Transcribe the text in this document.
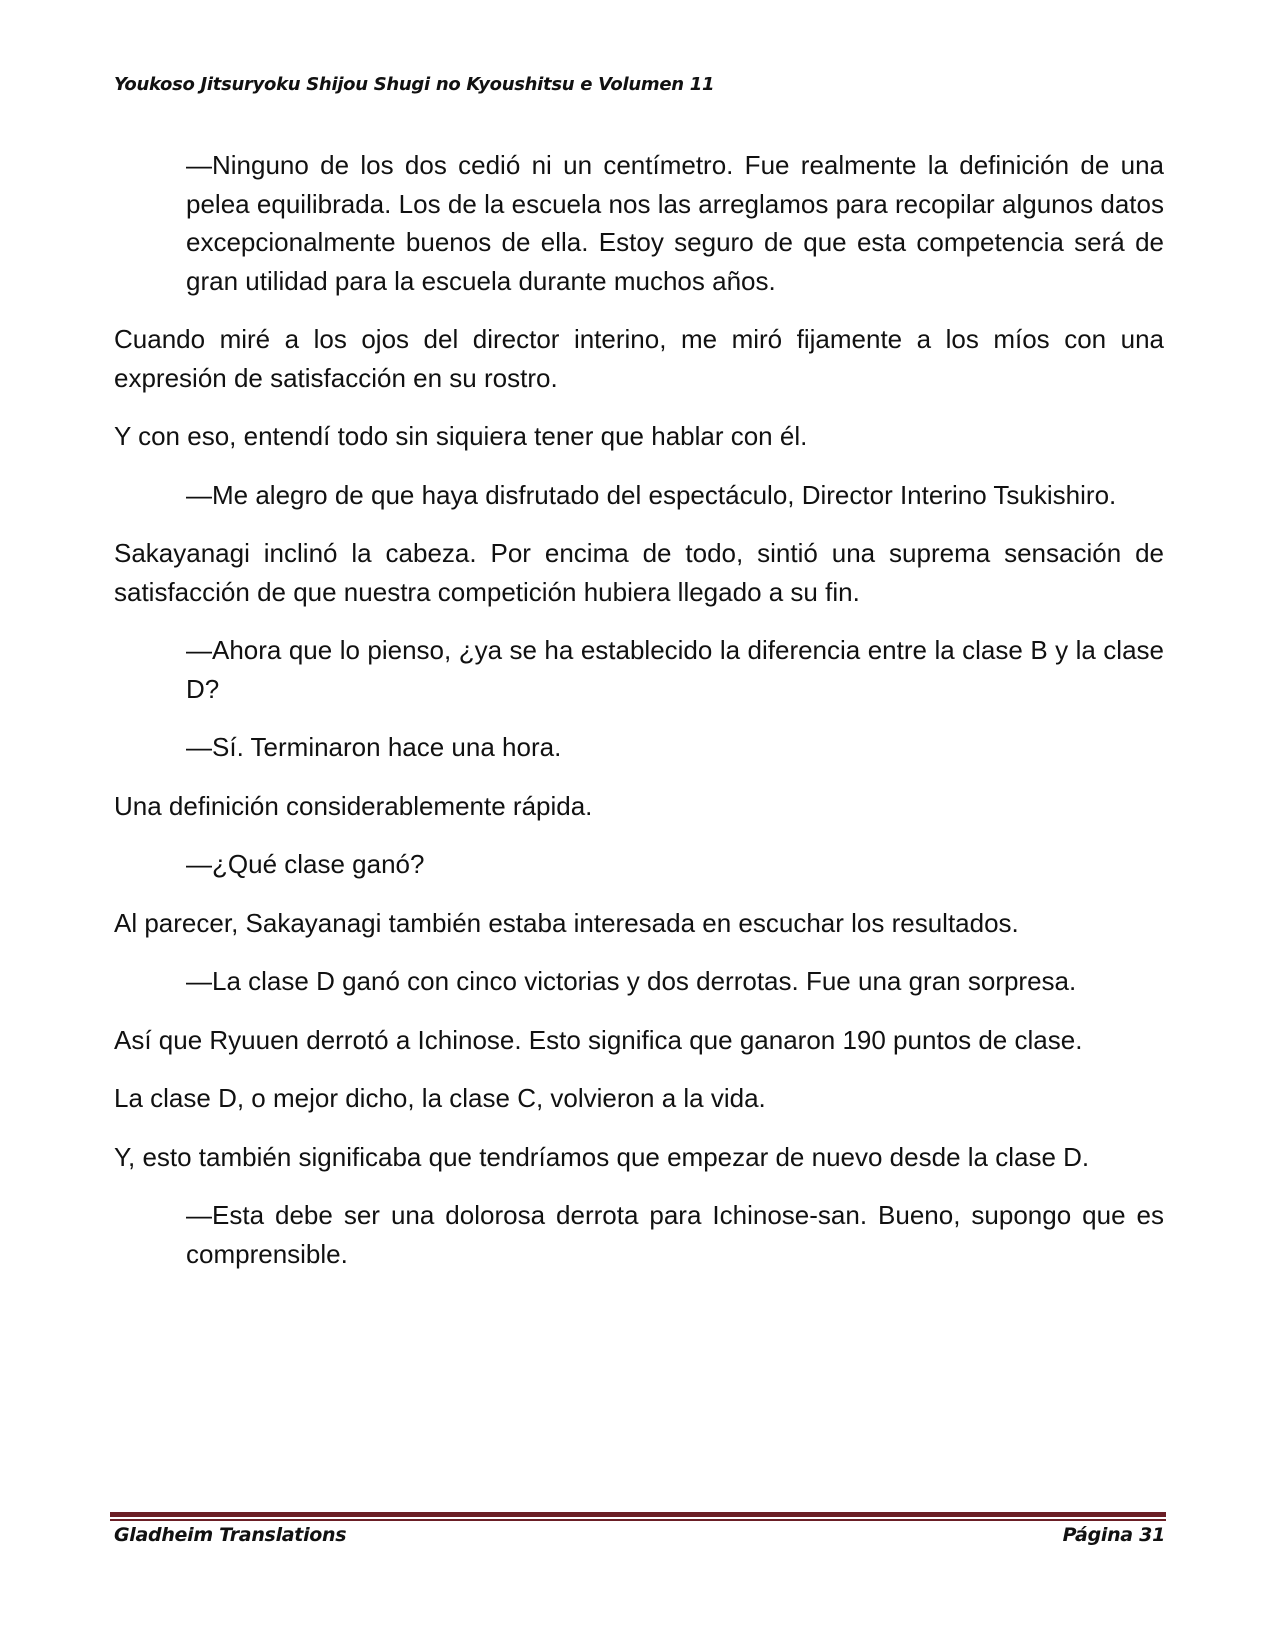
Youkoso Jitsuryoku Shijou Shugi no Kyoushitsu e Volumen 11

—Ninguno de los dos cedió ni un centímetro. Fue realmente la definición de una pelea equilibrada. Los de la escuela nos las arreglamos para recopilar algunos datos excepcionalmente buenos de ella. Estoy seguro de que esta competencia será de gran utilidad para la escuela durante muchos años.

Cuando miré a los ojos del director interino, me miró fijamente a los míos con una expresión de satisfacción en su rostro.

Y con eso, entendí todo sin siquiera tener que hablar con él.

—Me alegro de que haya disfrutado del espectáculo, Director Interino Tsukishiro.

Sakayanagi inclinó la cabeza. Por encima de todo, sintió una suprema sensación de satisfacción de que nuestra competición hubiera llegado a su fin.

—Ahora que lo pienso, ¿ya se ha establecido la diferencia entre la clase B y la clase D?

—Sí. Terminaron hace una hora.

Una definición considerablemente rápida.

—¿Qué clase ganó?

Al parecer, Sakayanagi también estaba interesada en escuchar los resultados.

—La clase D ganó con cinco victorias y dos derrotas. Fue una gran sorpresa.

Así que Ryuuen derrotó a Ichinose. Esto significa que ganaron 190 puntos de clase.

La clase D, o mejor dicho, la clase C, volvieron a la vida.

Y, esto también significaba que tendríamos que empezar de nuevo desde la clase D.

—Esta debe ser una dolorosa derrota para Ichinose-san. Bueno, supongo que es comprensible.

Gladheim Translations	Página 31
